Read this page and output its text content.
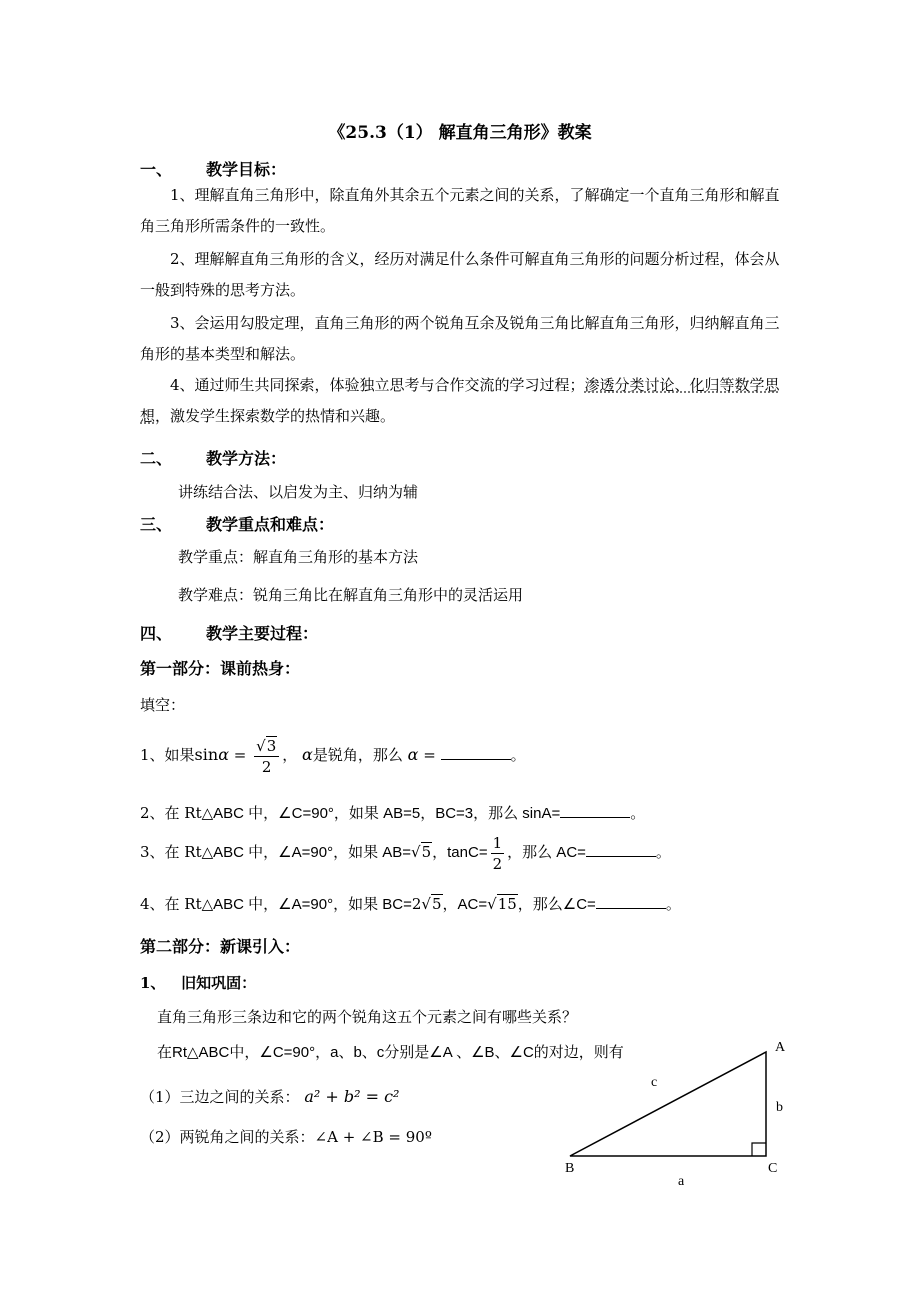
《25.3（1） 解直角三角形》教案
一、 教学目标：
1、理解直角三角形中，除直角外其余五个元素之间的关系，了解确定一个直角三角形和解直角三角形所需条件的一致性。
2、理解解直角三角形的含义，经历对满足什么条件可解直角三角形的问题分析过程，体会从一般到特殊的思考方法。
3、会运用勾股定理，直角三角形的两个锐角互余及锐角三角比解直角三角形，归纳解直角三角形的基本类型和解法。
4、通过师生共同探索，体验独立思考与合作交流的学习过程；渗透分类讨论、化归等数学思想，激发学生探索数学的热情和兴趣。
二、 教学方法：
讲练结合法、以启发为主、归纳为辅
三、 教学重点和难点：
教学重点：解直角三角形的基本方法
教学难点：锐角三角比在解直角三角形中的灵活运用
四、 教学主要过程：
第一部分：课前热身：
填空：
1、如果$\sin\alpha = \frac{√3}{2}$ ， α是锐角，那么 α =	。
2、在 Rt△ABC 中，∠C=90°，如果 AB=5，BC=3，那么 sinA=	。
3、在 Rt△ABC 中，∠A=90°，如果 AB=√5，$\tan C= \frac{1}{2}$ ，那么 AC=	。
4、在 Rt△ABC 中，∠A=90°，如果 BC=2√5，AC=√15，那么∠C=	。
第二部分：新课引入：
1、   旧知巩固：
直角三角形三条边和它的两个锐角这五个元素之间有哪些关系？
在Rt△ABC中，∠C=90°，a、b、c分别是∠A 、∠B、∠C的对边，则有
（1）三边之间的关系： a² + b² = c²
（2）两锐角之间的关系：∠A + ∠B = 90º
A
B	C
a
b
c
